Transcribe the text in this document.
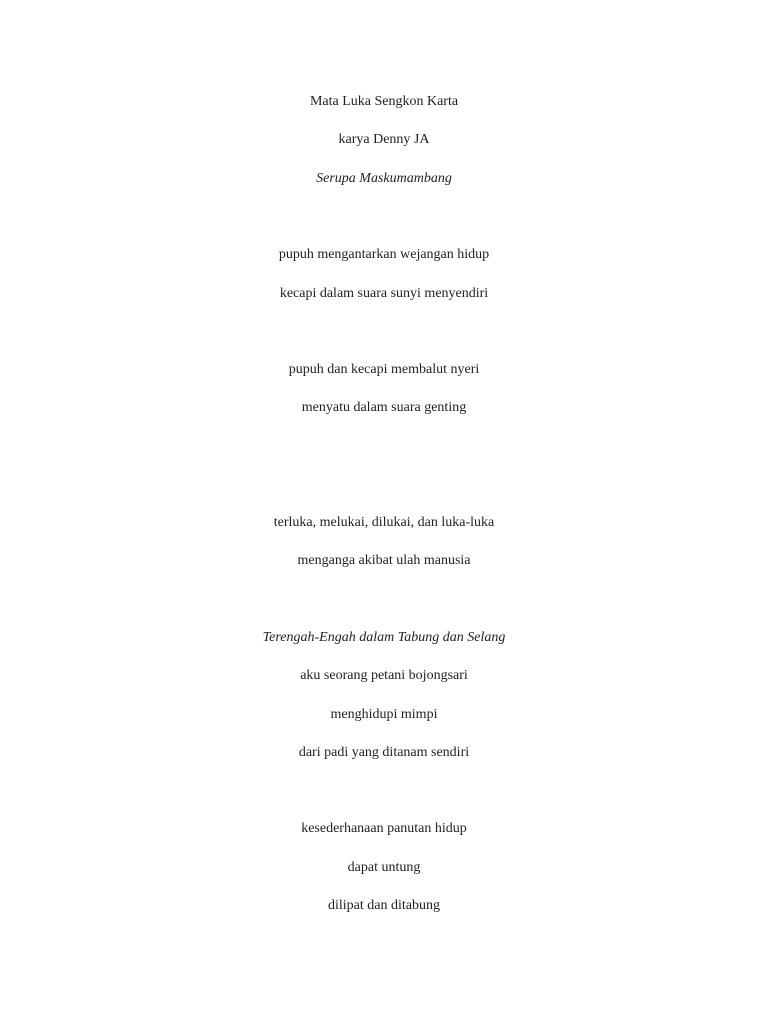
Mata Luka Sengkon Karta
karya Denny JA
Serupa Maskumambang
pupuh mengantarkan wejangan hidup
kecapi dalam suara sunyi menyendiri
pupuh dan kecapi membalut nyeri
menyatu dalam suara genting
terluka, melukai, dilukai, dan luka-luka
menganga akibat ulah manusia
Terengah-Engah dalam Tabung dan Selang
aku seorang petani bojongsari
menghidupi mimpi
dari padi yang ditanam sendiri
kesederhanaan panutan hidup
dapat untung
dilipat dan ditabung
